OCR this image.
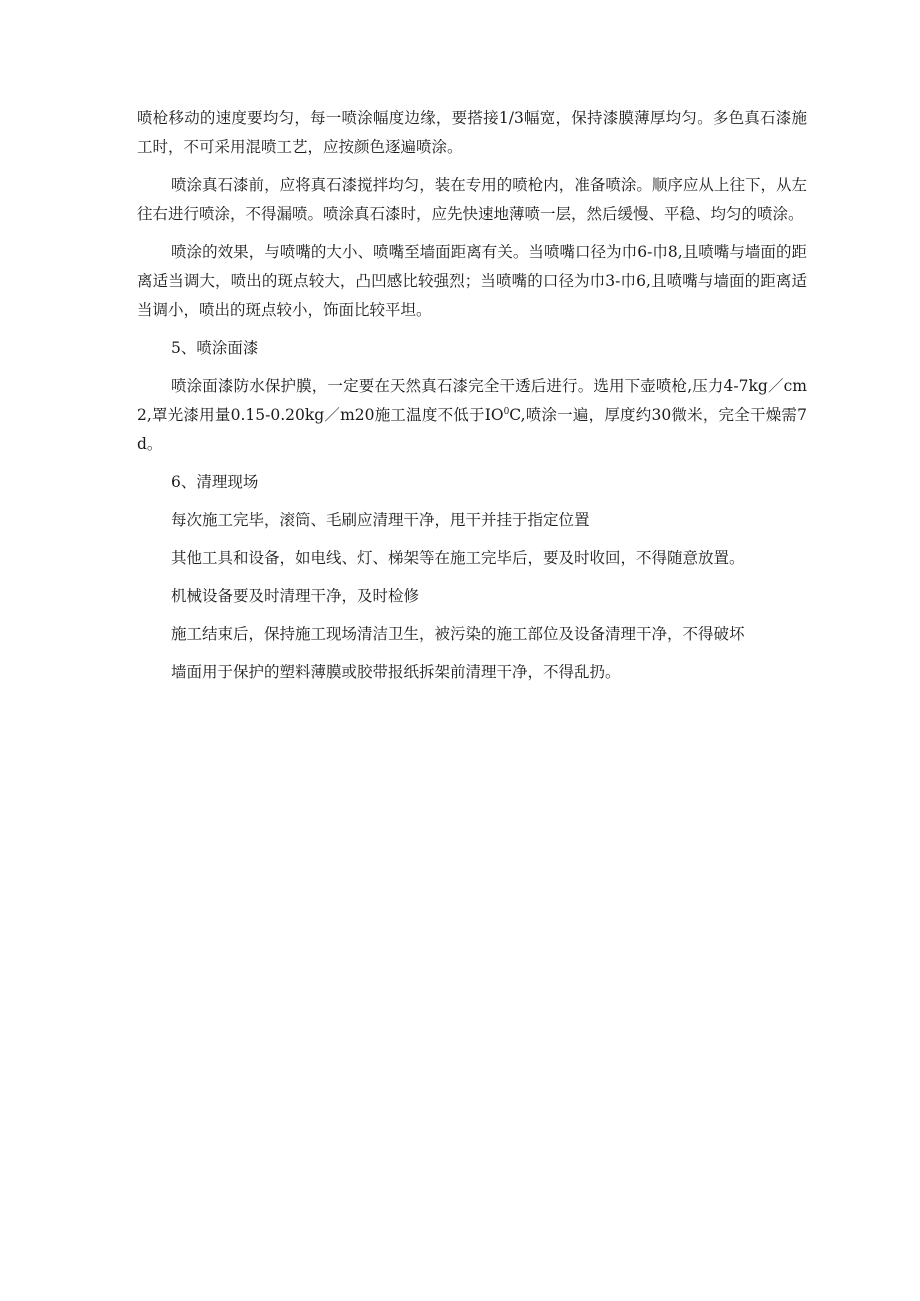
喷枪移动的速度要均匀，每一喷涂幅度边缘，要搭接1/3幅宽，保持漆膜薄厚均匀。多色真石漆施工时，不可采用混喷工艺，应按颜色逐遍喷涂。

喷涂真石漆前，应将真石漆搅拌均匀，装在专用的喷枪内，准备喷涂。顺序应从上往下，从左往右进行喷涂，不得漏喷。喷涂真石漆时，应先快速地薄喷一层，然后缓慢、平稳、均匀的喷涂。

喷涂的效果，与喷嘴的大小、喷嘴至墙面距离有关。当喷嘴口径为巾6-巾8,且喷嘴与墙面的距离适当调大，喷出的斑点较大，凸凹感比较强烈；当喷嘴的口径为巾3-巾6,且喷嘴与墙面的距离适当调小，喷出的斑点较小，饰面比较平坦。

5、喷涂面漆

喷涂面漆防水保护膜，一定要在天然真石漆完全干透后进行。选用下壶喷枪,压力4-7kg／cm2,罩光漆用量0.15-0.20kg／m20施工温度不低于$IO^0C$,喷涂一遍，厚度约30微米，完全干燥需7d。

6、清理现场

每次施工完毕，滚筒、毛刷应清理干净，甩干并挂于指定位置

其他工具和设备，如电线、灯、梯架等在施工完毕后，要及时收回，不得随意放置。

机械设备要及时清理干净，及时检修

施工结束后，保持施工现场清洁卫生，被污染的施工部位及设备清理干净，不得破坏

墙面用于保护的塑料薄膜或胶带报纸拆架前清理干净，不得乱扔。
